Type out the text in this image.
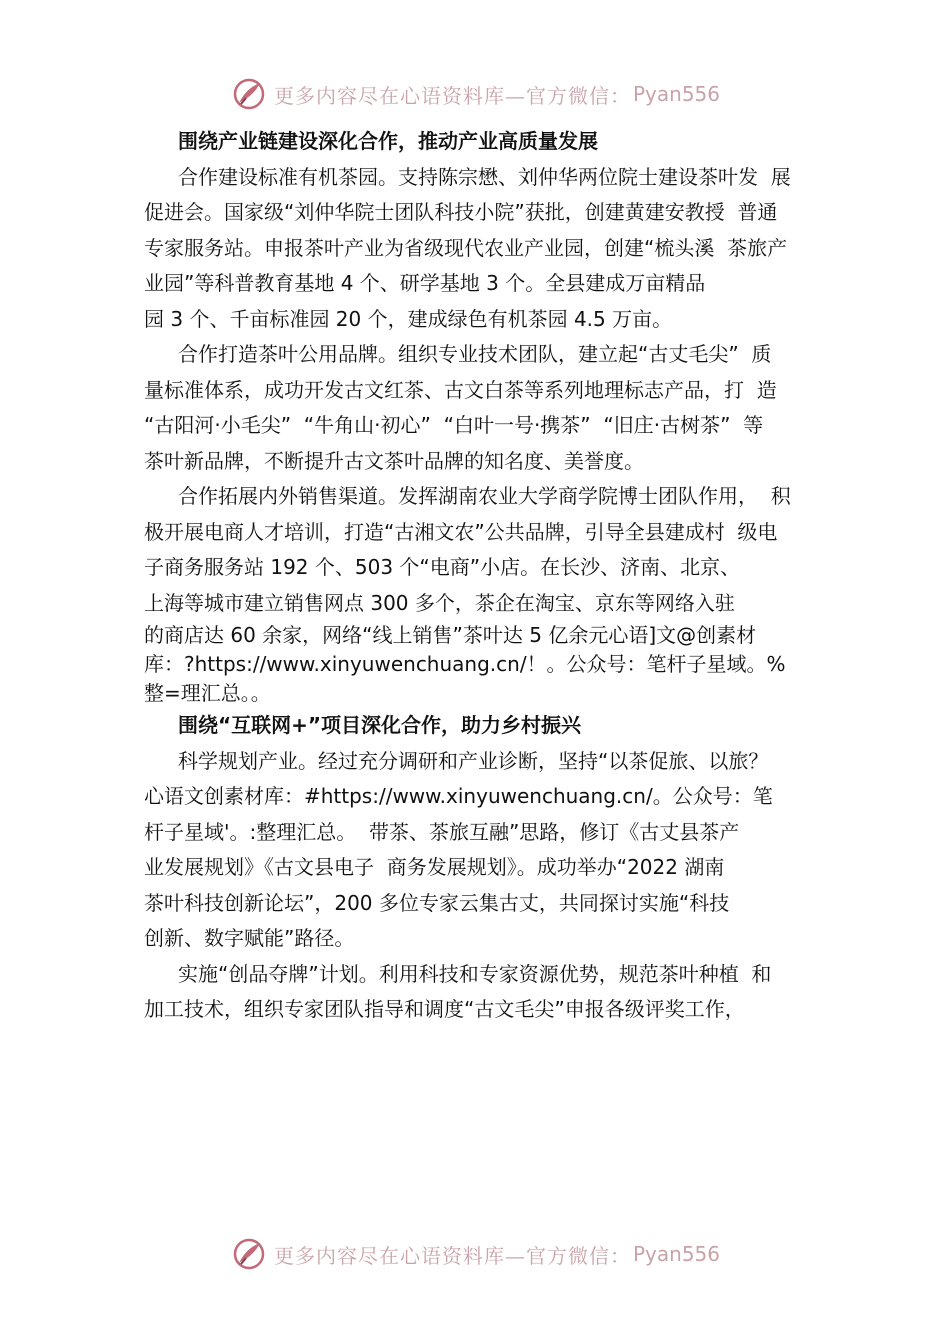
更多内容尽在心语资料库—官方微信： Pyan556
围绕产业链建设深化合作，推动产业高质量发展
合作建设标准有机茶园。支持陈宗懋、刘仲华两位院士建设茶叶发  展
促进会。国家级“刘仲华院士团队科技小院”获批，创建黄建安教授  普通
专家服务站。申报茶叶产业为省级现代农业产业园，创建“梳头溪  茶旅产
业园”等科普教育基地 4 个、研学基地 3 个。全县建成万亩精品
园 3 个、千亩标准园 20 个，建成绿色有机茶园 4.5 万亩。
合作打造茶叶公用品牌。组织专业技术团队，建立起“古丈毛尖”  质
量标准体系，成功开发古文红茶、古文白茶等系列地理标志产品，打  造
“古阳河·小毛尖”  “牛角山·初心”  “白叶一号·携茶”  “旧庄·古树茶”  等
茶叶新品牌，不断提升古文茶叶品牌的知名度、美誉度。
合作拓展内外销售渠道。发挥湖南农业大学商学院博士团队作用，  积
极开展电商人才培训，打造“古湘文农”公共品牌，引导全县建成村  级电
子商务服务站 192 个、503 个“电商”小店。在长沙、济南、北京、
上海等城市建立销售网点 300 多个，茶企在淘宝、京东等网络入驻
的商店达 60 余家，网络“线上销售”茶叶达 5 亿余元心语]文@创素材
库：?https://www.xinyuwenchuang.cn/！。公众号：笔杆子星域。%
整=理汇总。。
围绕“互联网+”项目深化合作，助力乡村振兴
科学规划产业。经过充分调研和产业诊断，坚持“以茶促旅、以旅？
心语文创素材库：#https://www.xinyuwenchuang.cn/。公众号：笔
杆子星域'。:整理汇总。  带茶、茶旅互融”思路，修订《古丈县茶产
业发展规划》《古文县电子  商务发展规划》。成功举办“2022 湖南
茶叶科技创新论坛”，200 多位专家云集古丈，共同探讨实施“科技
创新、数字赋能”路径。
实施“创品夺牌”计划。利用科技和专家资源优势，规范茶叶种植  和
加工技术，组织专家团队指导和调度“古文毛尖”申报各级评奖工作，
更多内容尽在心语资料库—官方微信： Pyan556
